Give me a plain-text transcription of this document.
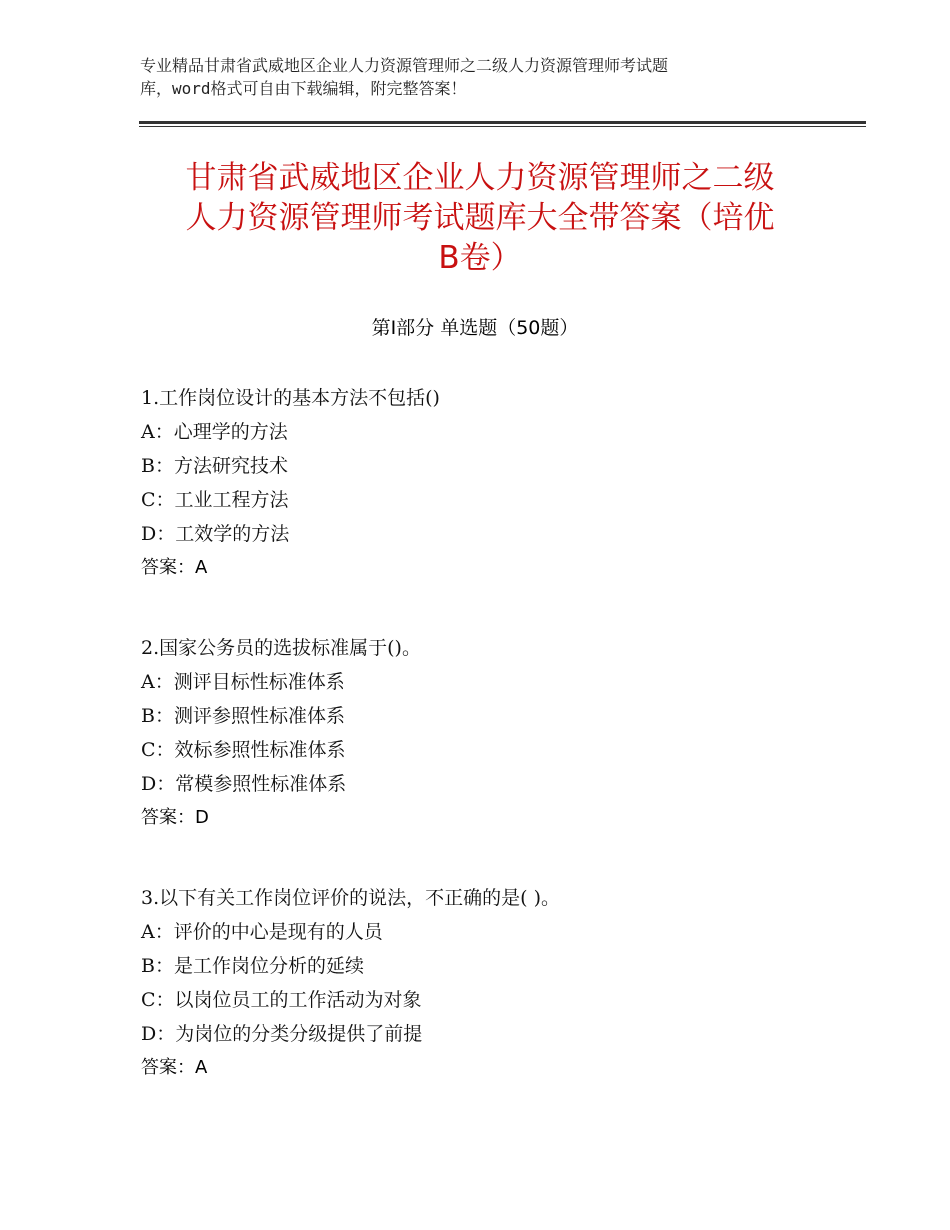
专业精品甘肃省武威地区企业人力资源管理师之二级人力资源管理师考试题
库，word格式可自由下载编辑，附完整答案！
甘肃省武威地区企业人力资源管理师之二级
人力资源管理师考试题库大全带答案（培优
B卷）
第Ⅰ部分 单选题（50题）
1.工作岗位设计的基本方法不包括()
A：心理学的方法
B：方法研究技术
C：工业工程方法
D：工效学的方法
答案：A
2.国家公务员的选拔标准属于()。
A：测评目标性标准体系
B：测评参照性标准体系
C：效标参照性标准体系
D：常模参照性标准体系
答案：D
3.以下有关工作岗位评价的说法，不正确的是( )。
A：评价的中心是现有的人员
B：是工作岗位分析的延续
C：以岗位员工的工作活动为对象
D：为岗位的分类分级提供了前提
答案：A
